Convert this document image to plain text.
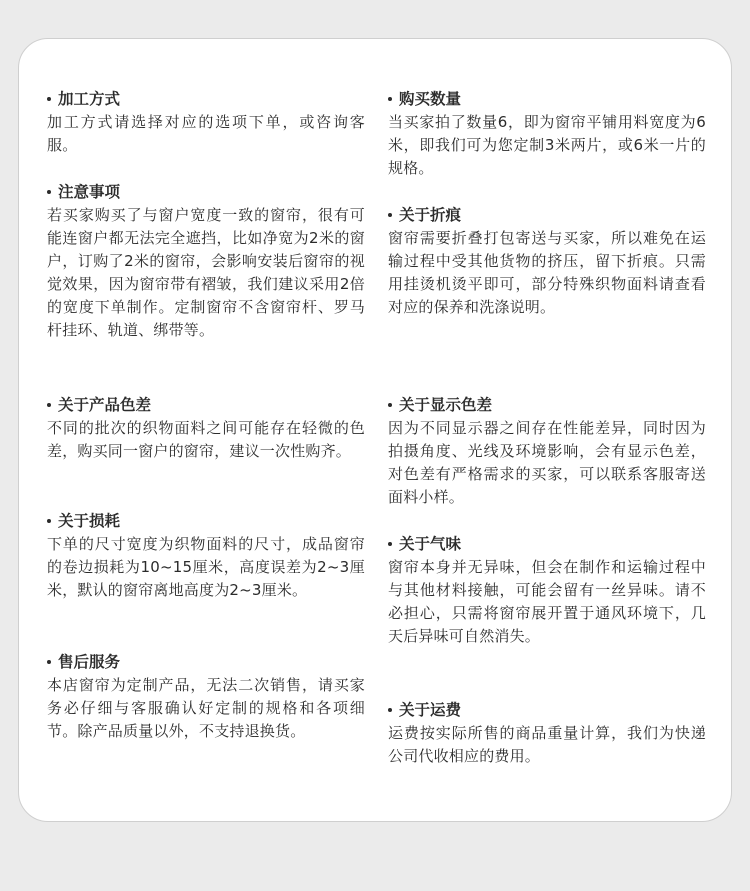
加工方式
加工方式请选择对应的选项下单，或咨询客服。
注意事项
若买家购买了与窗户宽度一致的窗帘，很有可能连窗户都无法完全遮挡，比如净宽为2米的窗户，订购了2米的窗帘，会影响安装后窗帘的视觉效果，因为窗帘带有褶皱，我们建议采用2倍的宽度下单制作。定制窗帘不含窗帘杆、罗马杆挂环、轨道、绑带等。
关于产品色差
不同的批次的织物面料之间可能存在轻微的色差，购买同一窗户的窗帘，建议一次性购齐。
关于损耗
下单的尺寸宽度为织物面料的尺寸，成品窗帘的卷边损耗为10~15厘米，高度误差为2~3厘米，默认的窗帘离地高度为2~3厘米。
售后服务
本店窗帘为定制产品，无法二次销售，请买家务必仔细与客服确认好定制的规格和各项细节。除产品质量以外，不支持退换货。
购买数量
当买家拍了数量6，即为窗帘平铺用料宽度为6米，即我们可为您定制3米两片，或6米一片的规格。
关于折痕
窗帘需要折叠打包寄送与买家，所以难免在运输过程中受其他货物的挤压，留下折痕。只需用挂烫机烫平即可，部分特殊织物面料请查看对应的保养和洗涤说明。
关于显示色差
因为不同显示器之间存在性能差异，同时因为拍摄角度、光线及环境影响，会有显示色差，对色差有严格需求的买家，可以联系客服寄送面料小样。
关于气味
窗帘本身并无异味，但会在制作和运输过程中与其他材料接触，可能会留有一丝异味。请不必担心，只需将窗帘展开置于通风环境下，几天后异味可自然消失。
关于运费
运费按实际所售的商品重量计算，我们为快递公司代收相应的费用。
